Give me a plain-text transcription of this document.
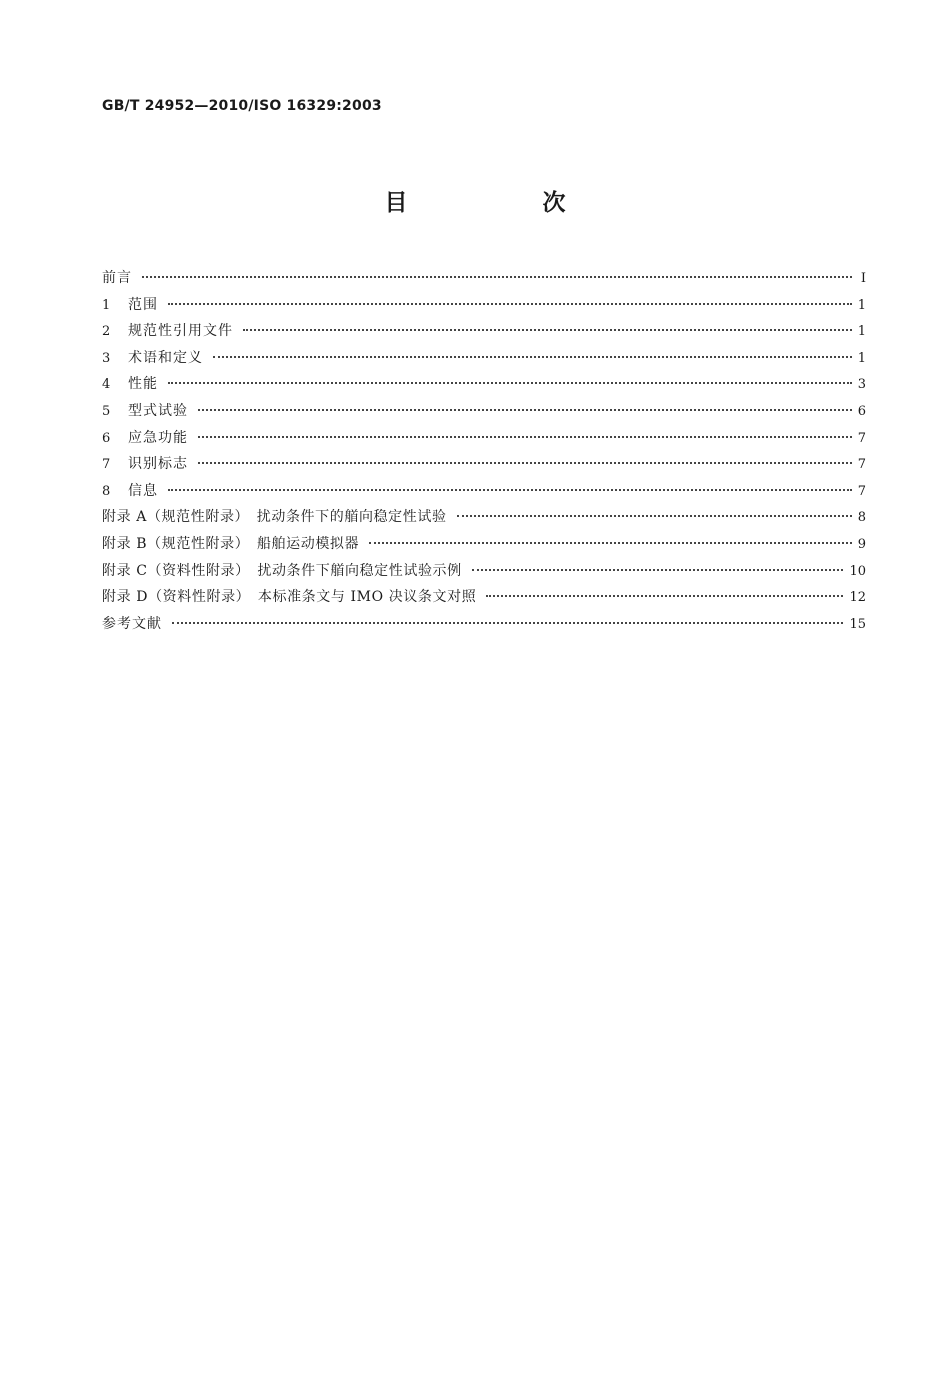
GB/T 24952—2010/ISO 16329:2003
目　次
前言	Ⅰ
1	范围	1
2	规范性引用文件	1
3	术语和定义	1
4	性能	3
5	型式试验	6
6	应急功能	7
7	识别标志	7
8	信息	7
附录 A（规范性附录）　扰动条件下的艏向稳定性试验	8
附录 B（规范性附录）　船舶运动模拟器	9
附录 C（资料性附录）　扰动条件下艏向稳定性试验示例	10
附录 D（资料性附录）　本标准条文与 IMO 决议条文对照	12
参考文献	15
